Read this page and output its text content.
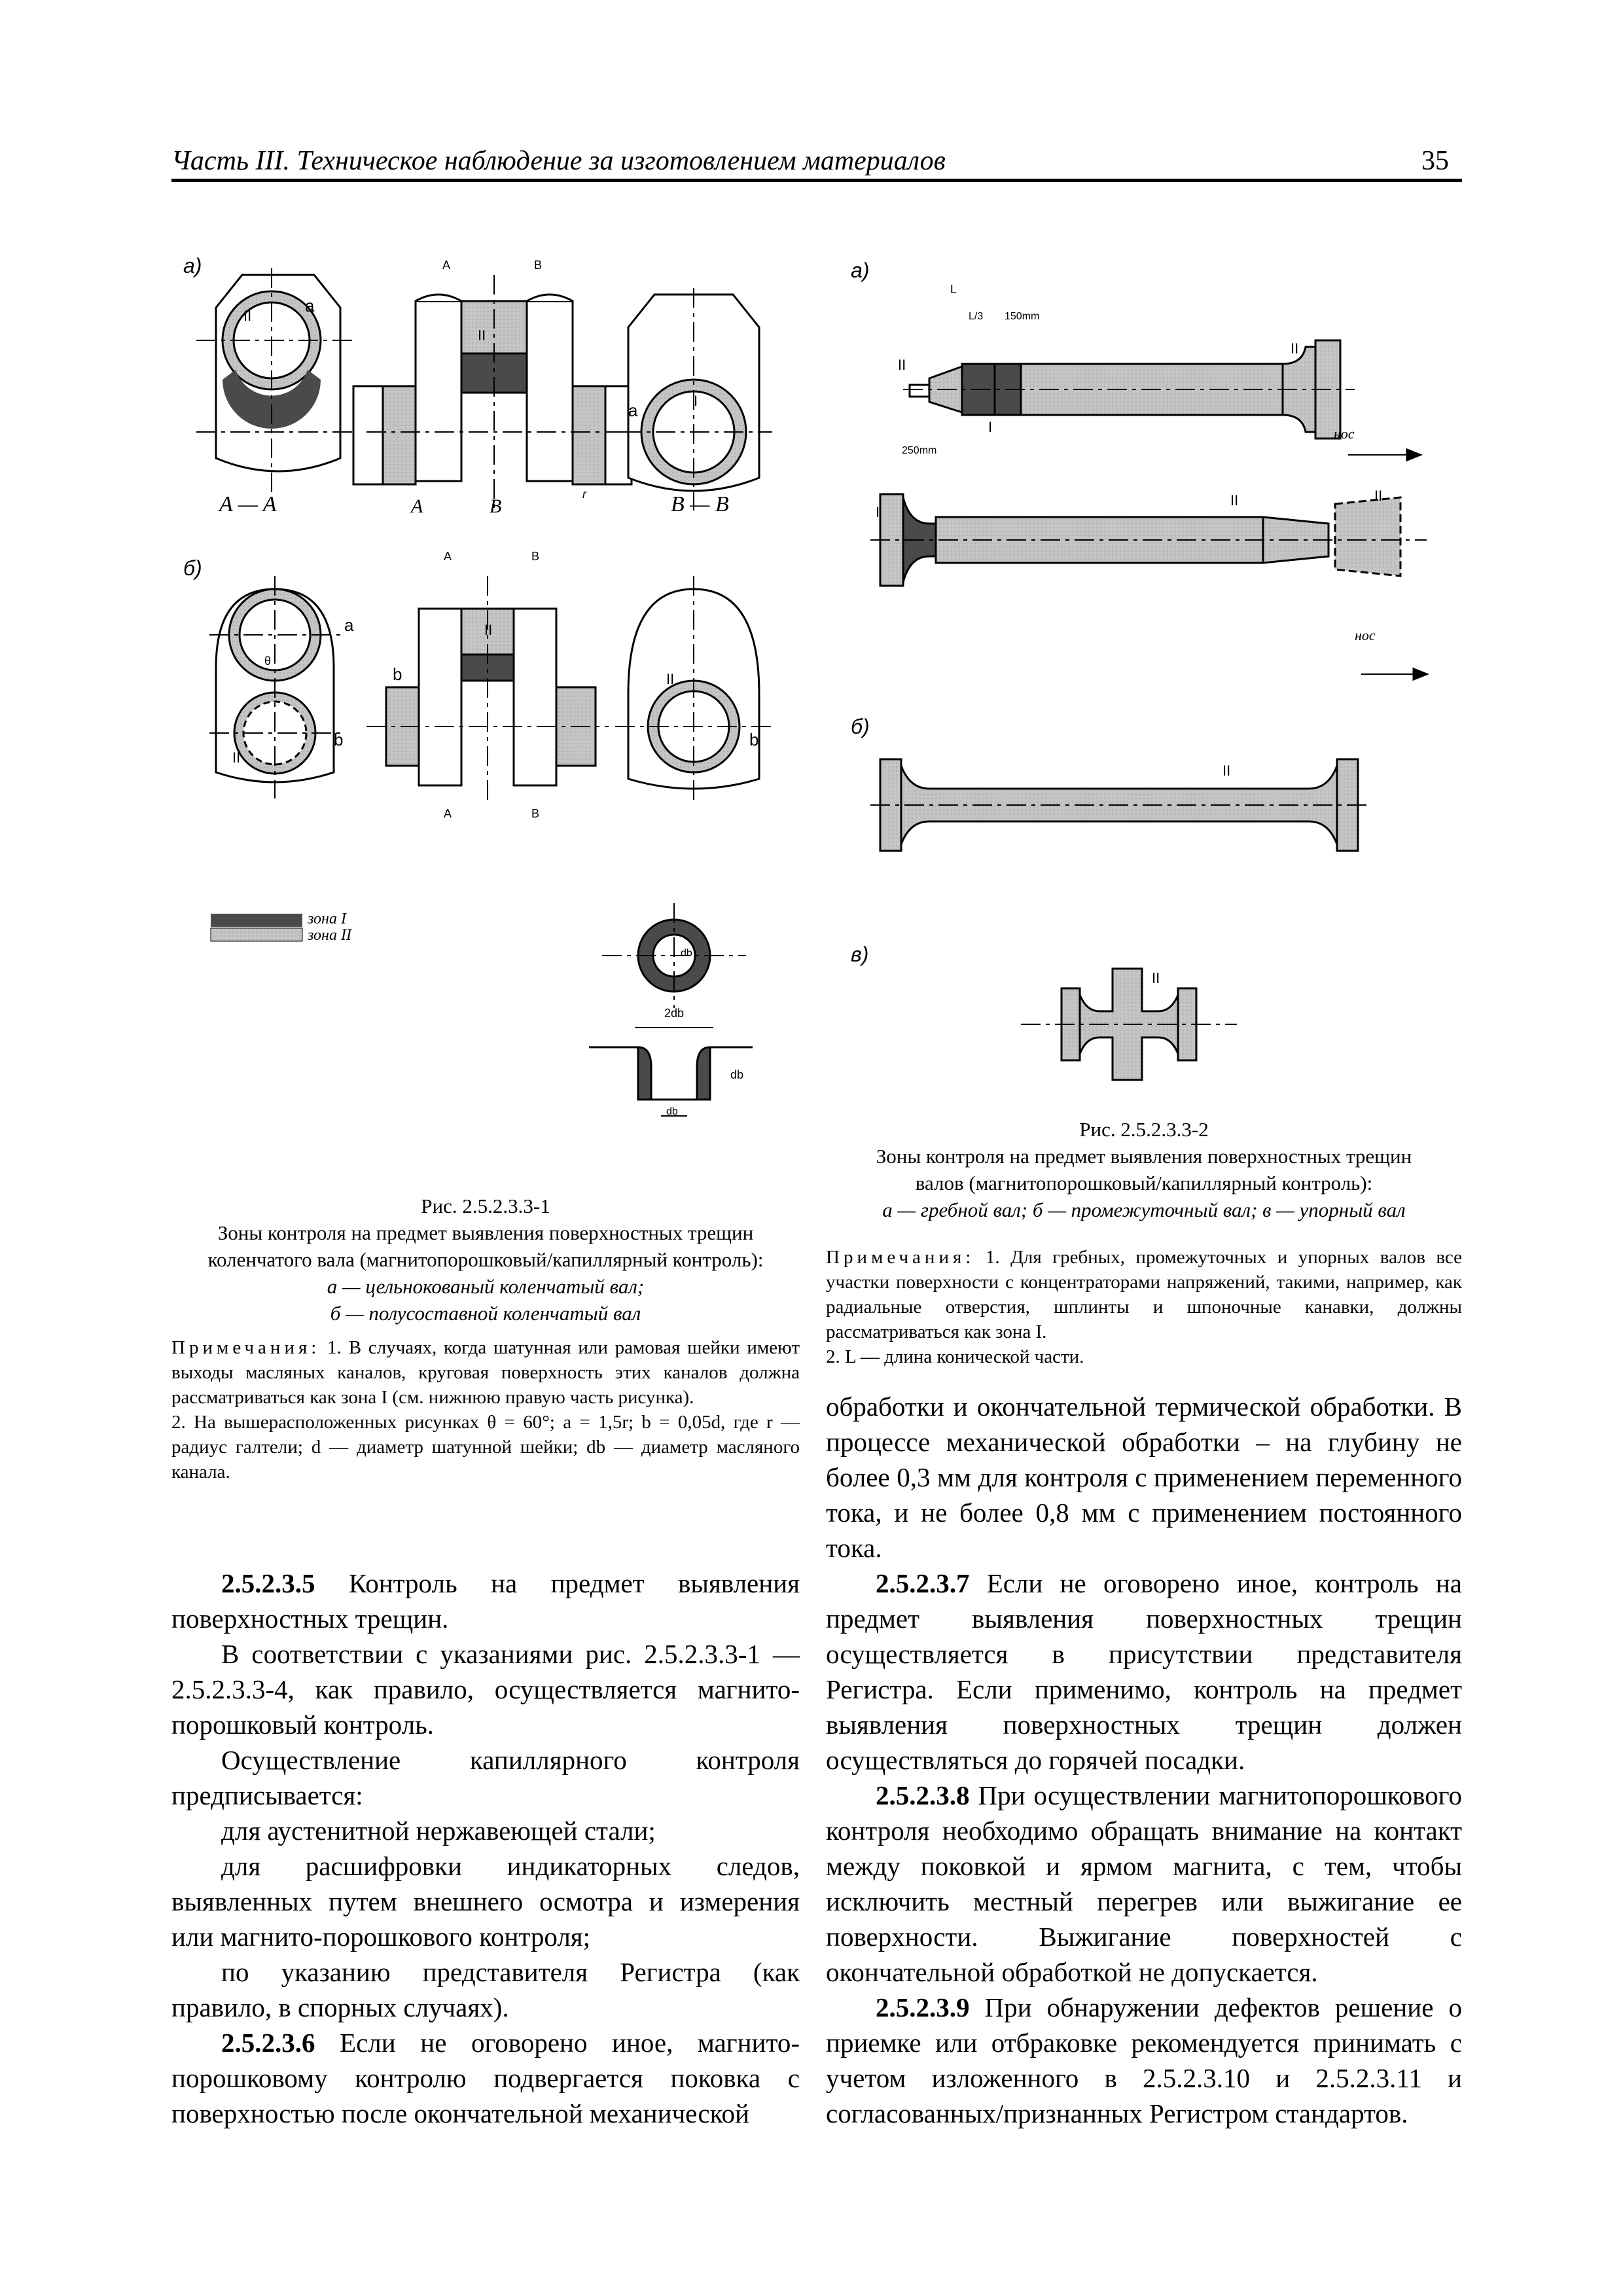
Часть III. Техническое наблюдение за изготовлением материалов	35
а)
б)
A — A	B — B
A	B
A	B
A	B
A	B
a
a
a
b	b
b
θ
r
db
2db
db
db
II
II
I
II
II
II
зона I
зона II
Рис. 2.5.2.3.3-1
Зоны контроля на предмет выявления поверхностных трещин
коленчатого вала (магнитопорошковый/капиллярный контроль):
а — цельнокованый коленчатый вал;
б — полусоставной коленчатый вал
Примечания: 1. В случаях, когда шатунная или рамовая шейки имеют выходы масляных каналов, круговая поверхность этих каналов должна рассматриваться как зона I (см. нижнюю правую часть рисунка).
2. На вышерасположенных рисунках θ = 60°; a = 1,5r; b = 0,05d, где r — радиус галтели; d — диаметр шатунной шейки; db — диаметр масляного канала.
а)
б)
в)
L
L/3 150mm
250mm
нос
нос
II
I
II
I
II	II
II
II
Рис. 2.5.2.3.3-2
Зоны контроля на предмет выявления поверхностных трещин
валов (магнитопорошковый/капиллярный контроль):
а — гребной вал; б — промежуточный вал; в — упорный вал
Примечания: 1. Для гребных, промежуточных и упорных валов все участки поверхности с концентраторами напряжений, такими, например, как радиальные отверстия, шплинты и шпоночные канавки, должны рассматриваться как зона I.
2. L — длина конической части.

2.5.2.3.5 Контроль на предмет выявления поверхностных трещин.

В соответствии с указаниями рис. 2.5.2.3.3-1 — 2.5.2.3.3-4, как правило, осуществляется магнито-порошковый контроль.

Осуществление капиллярного контроля предписывается:

для аустенитной нержавеющей стали;

для расшифровки индикаторных следов, выявленных путем внешнего осмотра и измерения или магнито-порошкового контроля;

по указанию представителя Регистра (как правило, в спорных случаях).

2.5.2.3.6 Если не оговорено иное, магнито-порошковому контролю подвергается поковка с поверхностью после окончательной механической

обработки и окончательной термической обработки. В процессе механической обработки – на глубину не более 0,3 мм для контроля с применением переменного тока, и не более 0,8 мм с применением постоянного тока.

2.5.2.3.7 Если не оговорено иное, контроль на предмет выявления поверхностных трещин осуществляется в присутствии представителя Регистра. Если применимо, контроль на предмет выявления поверхностных трещин должен осуществляться до горячей посадки.

2.5.2.3.8 При осуществлении магнитопорошкового контроля необходимо обращать внимание на контакт между поковкой и ярмом магнита, с тем, чтобы исключить местный перегрев или выжигание ее поверхности. Выжигание поверхностей с окончательной обработкой не допускается.

2.5.2.3.9 При обнаружении дефектов решение о приемке или отбраковке рекомендуется принимать с учетом изложенного в 2.5.2.3.10 и 2.5.2.3.11 и согласованных/признанных Регистром стандартов.
